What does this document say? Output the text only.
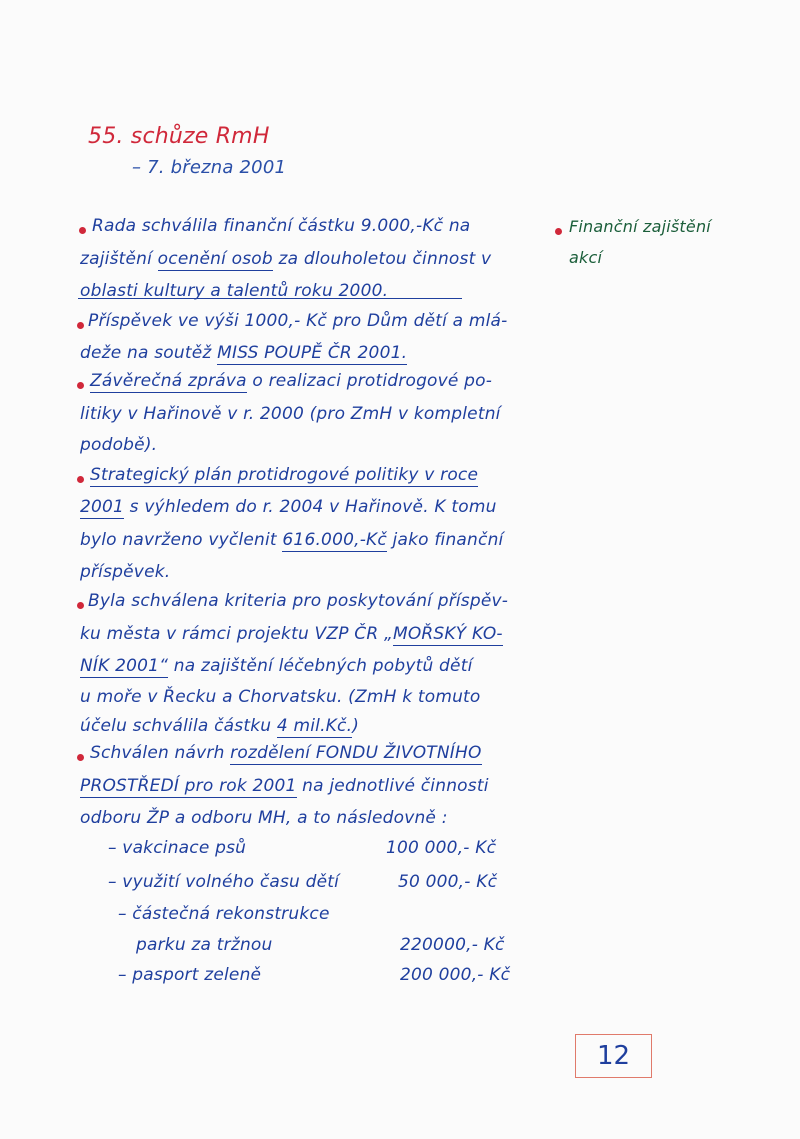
55. schůze RmH
– 7. března 2001
Finanční zajištění
akcí
Rada schválila finanční částku 9.000,-Kč na
zajištění ocenění osob za dlouholetou činnost v
oblasti kultury a talentů roku 2000.
Příspěvek ve výši 1000,- Kč pro Dům dětí a mlá-
deže na soutěž MISS POUPĚ ČR 2001.
Závěrečná zpráva o realizaci protidrogové po-
litiky v Hařinově v r. 2000 (pro ZmH v kompletní
podobě).
Strategický plán protidrogové politiky v roce
2001 s výhledem do r. 2004 v Hařinově. K tomu
bylo navrženo vyčlenit 616.000,-Kč jako finanční
příspěvek.
Byla schválena kriteria pro poskytování příspěv-
ku města v rámci projektu VZP ČR „MOŘSKÝ KO-
NÍK 2001“ na zajištění léčebných pobytů dětí
u moře v Řecku a Chorvatsku. (ZmH k tomuto
účelu schválila částku 4 mil.Kč.)
Schválen návrh rozdělení FONDU ŽIVOTNÍHO
PROSTŘEDÍ pro rok 2001 na jednotlivé činnosti
odboru ŽP a odboru MH, a to následovně :
– vakcinace psů	100 000,- Kč
– využití volného času dětí	50 000,- Kč
– částečná rekonstrukce
parku za tržnou	220000,- Kč
– pasport zeleně	200 000,- Kč
12
